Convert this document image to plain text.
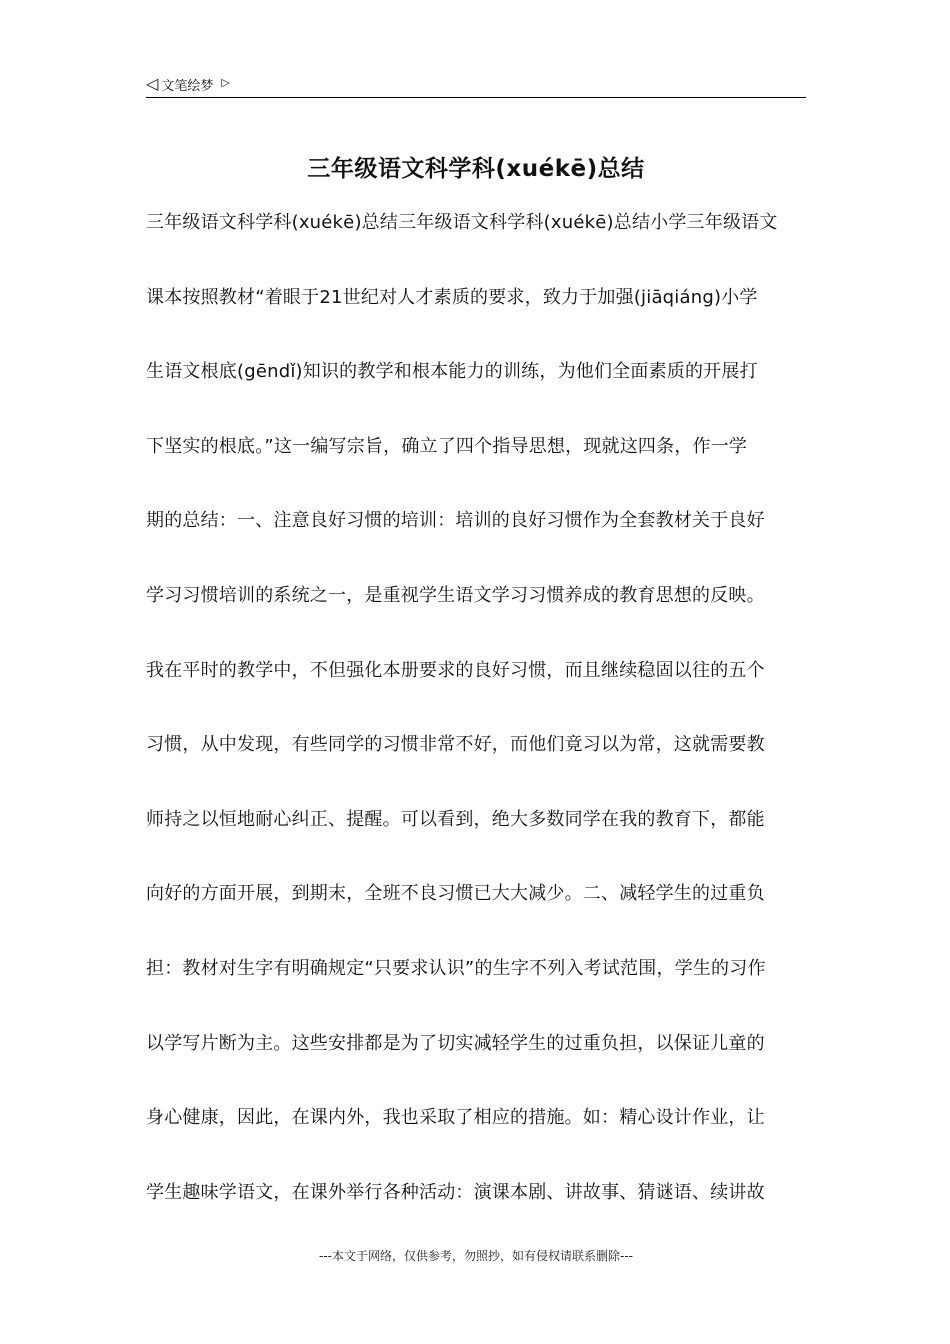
◁ 文笔绘梦 ▷
三年级语文科学科(xuékē)总结
三年级语文科学科(xuékē)总结三年级语文科学科(xuékē)总结小学三年级语文
课本按照教材“着眼于21世纪对人才素质的要求，致力于加强(jiāqiáng)小学
生语文根底(gēndǐ)知识的教学和根本能力的训练，为他们全面素质的开展打
下坚实的根底。”这一编写宗旨，确立了四个指导思想，现就这四条，作一学
期的总结：一、注意良好习惯的培训：培训的良好习惯作为全套教材关于良好
学习习惯培训的系统之一，是重视学生语文学习习惯养成的教育思想的反映。
我在平时的教学中，不但强化本册要求的良好习惯，而且继续稳固以往的五个
习惯，从中发现，有些同学的习惯非常不好，而他们竟习以为常，这就需要教
师持之以恒地耐心纠正、提醒。可以看到，绝大多数同学在我的教育下，都能
向好的方面开展，到期末，全班不良习惯已大大减少。二、减轻学生的过重负
担：教材对生字有明确规定“只要求认识”的生字不列入考试范围，学生的习作
以学写片断为主。这些安排都是为了切实减轻学生的过重负担，以保证儿童的
身心健康，因此，在课内外，我也采取了相应的措施。如：精心设计作业，让
学生趣味学语文，在课外举行各种活动：演课本剧、讲故事、猜谜语、续讲故
---本文于网络，仅供参考，勿照抄，如有侵权请联系删除---
